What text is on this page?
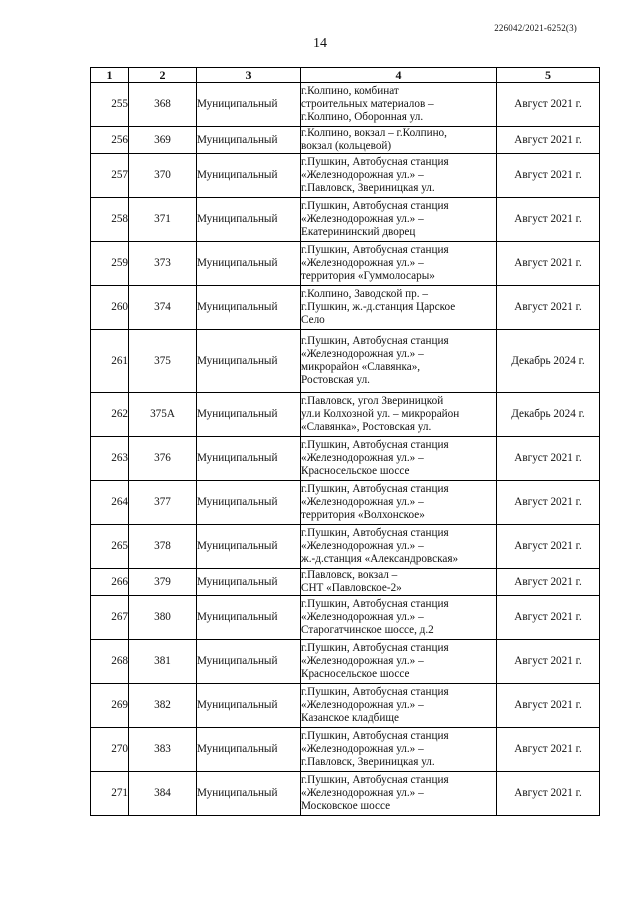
226042/2021-6252(3)
14
1	2	3	4	5
255	368	Муниципальный	г.Колпино, комбинат
строительных материалов –
г.Колпино, Оборонная ул.	Август 2021 г.
256	369	Муниципальный	г.Колпино, вокзал – г.Колпино,
вокзал (кольцевой)	Август 2021 г.
257	370	Муниципальный	г.Пушкин, Автобусная станция
«Железнодорожная ул.» –
г.Павловск, Звериницкая ул.	Август 2021 г.
258	371	Муниципальный	г.Пушкин, Автобусная станция
«Железнодорожная ул.» –
Екатерининский дворец	Август 2021 г.
259	373	Муниципальный	г.Пушкин, Автобусная станция
«Железнодорожная ул.» –
территория «Гуммолосары»	Август 2021 г.
260	374	Муниципальный	г.Колпино, Заводской пр. –
г.Пушкин, ж.-д.станция Царское
Село	Август 2021 г.
261	375	Муниципальный	г.Пушкин, Автобусная станция
«Железнодорожная ул.» –
микрорайон «Славянка»,
Ростовская ул.	Декабрь 2024 г.
262	375А	Муниципальный	г.Павловск, угол Звериницкой
ул.и Колхозной ул. – микрорайон
«Славянка», Ростовская ул.	Декабрь 2024 г.
263	376	Муниципальный	г.Пушкин, Автобусная станция
«Железнодорожная ул.» –
Красносельское шоссе	Август 2021 г.
264	377	Муниципальный	г.Пушкин, Автобусная станция
«Железнодорожная ул.» –
территория «Волхонское»	Август 2021 г.
265	378	Муниципальный	г.Пушкин, Автобусная станция
«Железнодорожная ул.» –
ж.-д.станция «Александровская»	Август 2021 г.
266	379	Муниципальный	г.Павловск, вокзал –
СНТ «Павловское-2»	Август 2021 г.
267	380	Муниципальный	г.Пушкин, Автобусная станция
«Железнодорожная ул.» –
Старогатчинское шоссе, д.2	Август 2021 г.
268	381	Муниципальный	г.Пушкин, Автобусная станция
«Железнодорожная ул.» –
Красносельское шоссе	Август 2021 г.
269	382	Муниципальный	г.Пушкин, Автобусная станция
«Железнодорожная ул.» –
Казанское кладбище	Август 2021 г.
270	383	Муниципальный	г.Пушкин, Автобусная станция
«Железнодорожная ул.» –
г.Павловск, Звериницкая ул.	Август 2021 г.
271	384	Муниципальный	г.Пушкин, Автобусная станция
«Железнодорожная ул.» –
Московское шоссе	Август 2021 г.
